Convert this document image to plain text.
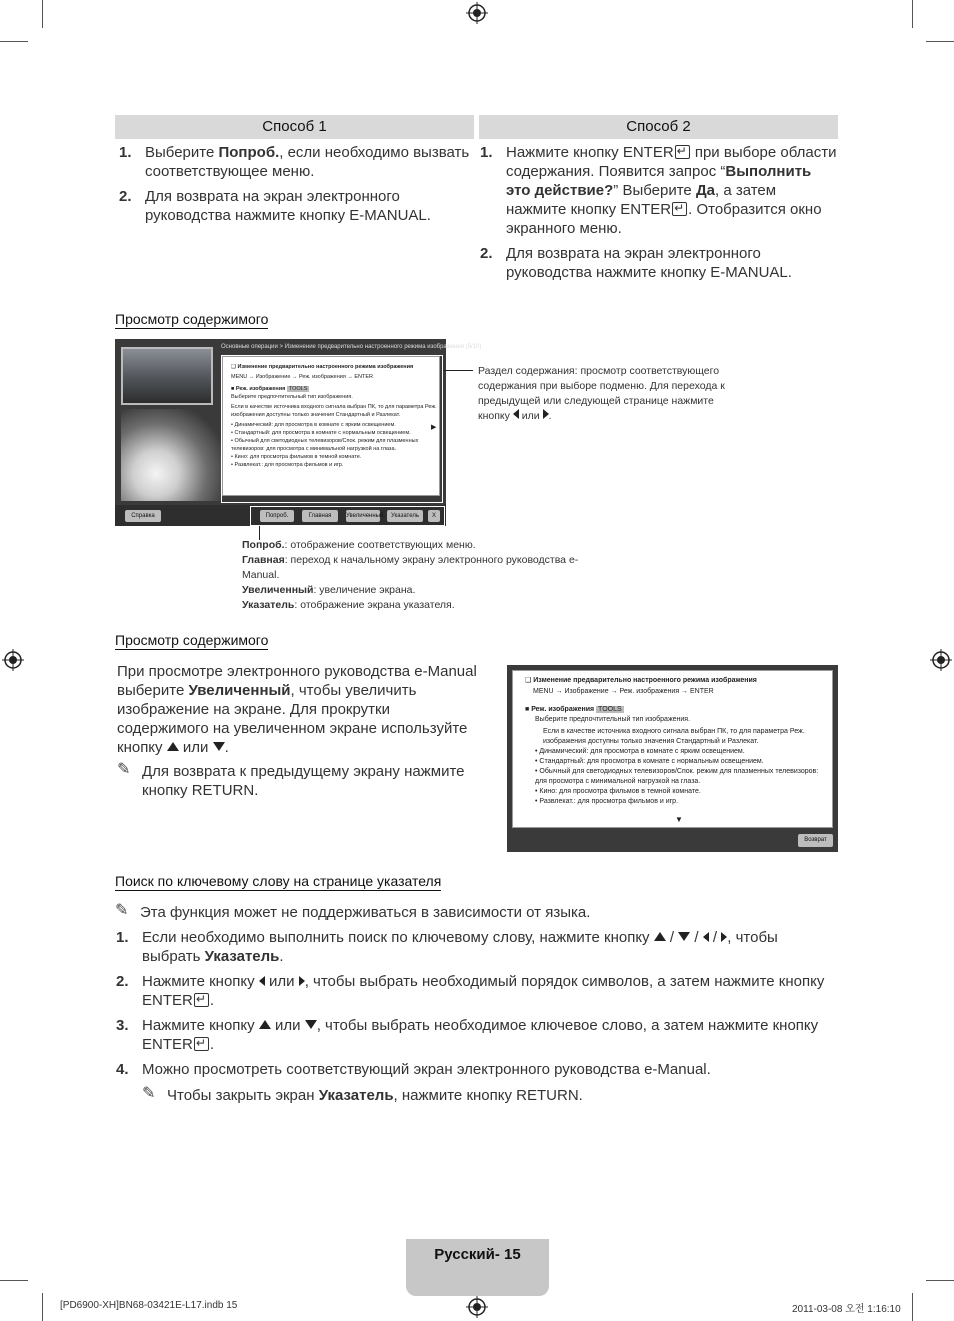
Способ 1	Способ 2
1. Выберите Попроб., если необходимо вызвать соответствующее меню.
2. Для возврата на экран электронного руководства нажмите кнопку E-MANUAL.
1. Нажмите кнопку ENTER↵ при выборе области содержания. Появится запрос “Выполнить это действие?” Выберите Да, а затем нажмите кнопку ENTER ↵ . Отобразится окно экранного меню.
2. Для возврата на экран электронного руководства нажмите кнопку E-MANUAL.
Просмотр содержимого
Основные операции > Изменение предварительно настроенного режима изображения (5/10)
❑ Изменение предварительно настроенного режима изображения
MENU → Изображение → Реж. изображения → ENTER
■ Реж. изображения TOOLS
Выберите предпочтительный тип изображения.
Если в качестве источника входного сигнала выбран ПК, то для параметра Реж. изображения доступны только значения Стандартный и Разлекат.
• Динамический: для просмотра в комнате с ярким освещением.
• Стандартный: для просмотра в комнате с нормальным освещением.
• Обычный для светодиодных телевизоров/Спок. режим для плазменных телевизоров: для просмотра с минимальной нагрузкой на глаза.
• Кино: для просмотра фильмов в темной комнате.
• Развлекат.: для просмотра фильмов и игр.
▶
Справка	Попроб.	Главная	Увеличенный	Указатель	X
Раздел содержания: просмотр соответствующего содержания при выборе подменю. Для перехода к предыдущей или следующей странице нажмите кнопку  или .
Попроб.: отображение соответствующих меню.
Главная: переход к начальному экрану электронного руководства e-Manual.
Увеличенный: увеличение экрана.
Указатель: отображение экрана указателя.
Просмотр содержимого
При просмотре электронного руководства e-Manual выберите Увеличенный, чтобы увеличить изображение на экране. Для прокрутки содержимого на увеличенном экране используйте кнопку  или .
✎ Для возврата к предыдущему экрану нажмите кнопку RETURN.
❑ Изменение предварительно настроенного режима изображения
MENU → Изображение → Реж. изображения → ENTER
■ Реж. изображения TOOLS
Выберите предпочтительный тип изображения.
Если в качестве источника входного сигнала выбран ПК, то для параметра Реж. изображения доступны только значения Стандартный и Разлекат.
• Динамический: для просмотра в комнате с ярким освещением.
• Стандартный: для просмотра в комнате с нормальным освещением.
• Обычный для светодиодных телевизоров/Спок. режим для плазменных телевизоров: для просмотра с минимальной нагрузкой на глаза.
• Кино: для просмотра фильмов в темной комнате.
• Развлекат.: для просмотра фильмов и игр.
▼
Возврат
Поиск по ключевому слову на странице указателя
✎ Эта функция может не поддерживаться в зависимости от языка.
1. Если необходимо выполнить поиск по ключевому слову, нажмите кнопку  /  /  / , чтобы выбрать Указатель.
2. Нажмите кнопку  или , чтобы выбрать необходимый порядок символов, а затем нажмите кнопку ENTER ↵ .
3. Нажмите кнопку  или , чтобы выбрать необходимое ключевое слово, а затем нажмите кнопку ENTER ↵ .
4. Можно просмотреть соответствующий экран электронного руководства e-Manual.
✎ Чтобы закрыть экран Указатель, нажмите кнопку RETURN.
Русский- 15
[PD6900-XH]BN68-03421E-L17.indb 15	2011-03-08 오전 1:16:10
